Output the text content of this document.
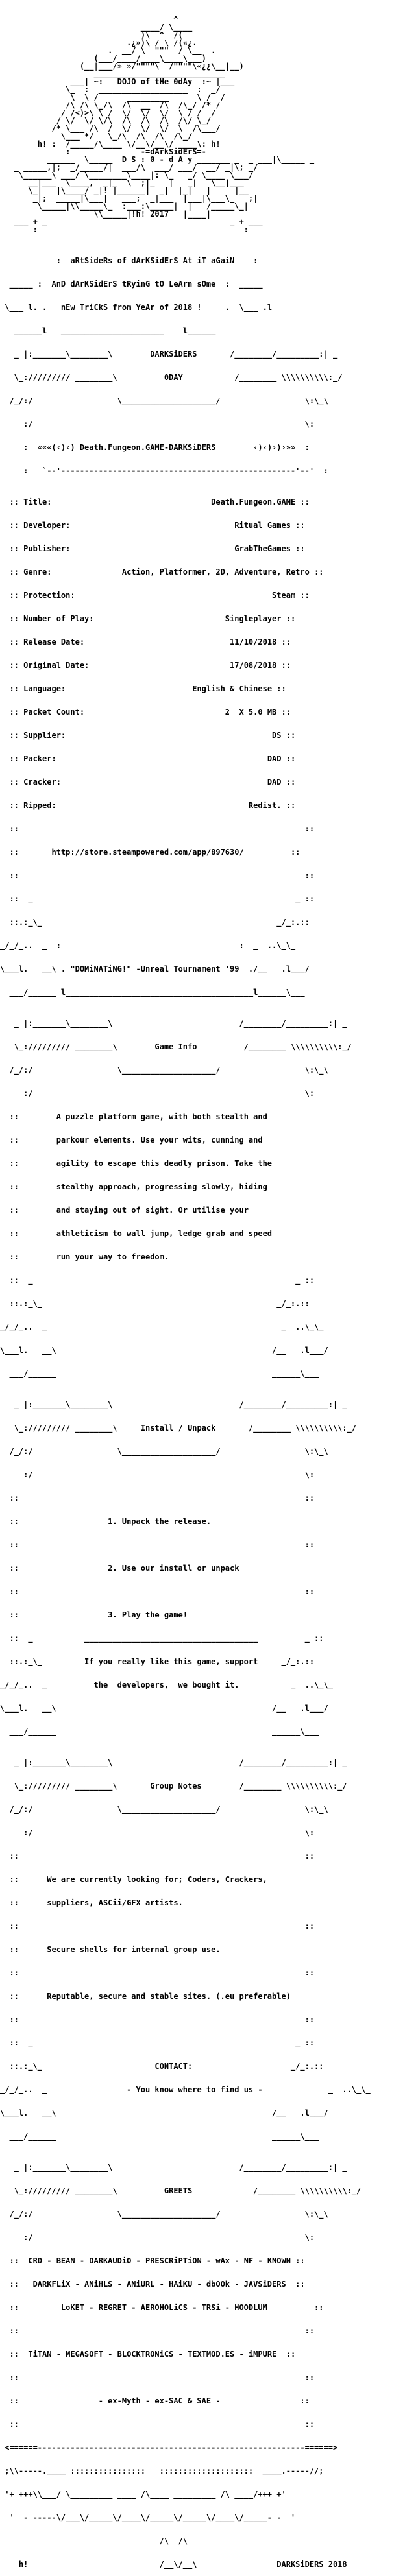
^
____/ \____
)\  ^  /(
.¿»)\ / \ /(«¿.
.  __/ \  """  / \__  .
(___/____/____\____\___)
(__|___/» »/""""\  /""""\«¿¿\__|__)
____________________________
___| ~:   DOJO of tHe 0dAy  :~ |___
\_  :  ___________________  :  _/
\  \ /      _________      \ /  /
/\ /\ \_/\  /\  __  /\  /\_/ /* /
/ /<)>\ \ /  \/  \/  \/  \ / /  /
/ \/  \/ \/\  /\  /\  /\  /\/ \_/
/* \___ /\  /  \/  \/  \/  \  /\___/
\___ */   \_/\  /\  /\  /\_/
h! :  /_____/\____ \/__\/__\/ ____\: h!
:               -=dArkSidErS=-
______  \_____  D S : 0 - d A y _______ _  _ ___|\_____ _
_ _____,|;  _/_____/|  ___/\  ___/ ___/  __/ _|\; _/
\______\ ___/ \________\____|: \_   _/ \____ \___/
__|___  \____,  _|_  \  ;|_   |   _|   \__|___
\_|   |\____/ _|! |______|  _|  |_|   |     |__
_|;  _____|\___|   ___;  _|___  |___|\___\_   ;|
\_____|\\_____\_  :___:\_____|  |   /_____\_|
\\_____|!h! 2017   |____|
___ + _                                       _ + ___
:                                            :

:  aRtSideRs of dArKSidErS At iT aGaiN    :

_____ :  AnD dArKSidErS tRyinG tO LeArn sOme  :  _____

\___ l. .   nEw TriCkS from YeAr of 2018 !     .  \___ .l

______l   ______________________    l______

_ |:_______\________\        DARKSiDERS       /________/_________:| _

\_:///////// ________\          0DAY           /________ \\\\\\\\\\:_/

/_/:/                  \____________________/                  \:\_\

:/                                                          \:

:  «««(‹)‹) Death.Fungeon.GAME-DARKSiDERS        ‹)‹)›)›»»  :

:   `--'--------------------------------------------------'--'  :

:: Title:	Death.Fungeon.GAME ::

:: Developer:	Ritual Games ::

:: Publisher:	GrabTheGames ::

:: Genre:	Action, Platformer, 2D, Adventure, Retro ::

:: Protection:	Steam ::

:: Number of Play:	Singleplayer ::

:: Release Date:	11/10/2018 ::

:: Original Date:	17/08/2018 ::

:: Language:	English & Chinese ::

:: Packet Count:	2  X 5.0 MB ::

:: Supplier:	DS ::

:: Packer:	DAD ::

:: Cracker:	DAD ::

:: Ripped:	Redist. ::

::                                                             ::

::       http://store.steampowered.com/app/897630/          ::

::                                                             ::

::  _                                                        _ ::

::.:_\_                                                  _/_:.::

_/_/_..  _  :                                      :  _  ..\_\_

\___l.   __\ . "DOMiNATiNG!" -Unreal Tournament '99  ./__   .l___/

___/______ l________________________________________l______\___

_ |:_______\________\                           /________/_________:| _

\_:///////// ________\        Game Info          /________ \\\\\\\\\\:_/

/_/:/                  \____________________/                  \:\_\

:/                                                          \:

::        A puzzle platform game, with both stealth and

::        parkour elements. Use your wits, cunning and

::        agility to escape this deadly prison. Take the

::        stealthy approach, progressing slowly, hiding

::        and staying out of sight. Or utilise your

::        athleticism to wall jump, ledge grab and speed

::        run your way to freedom.

::  _                                                        _ ::

::.:_\_                                                  _/_:.::

_/_/_..  _                                                  _  ..\_\_

\___l.   __\                                              /__   .l___/

___/______                                              ______\___

_ |:_______\________\                           /________/_________:| _

\_:///////// ________\     Install / Unpack       /________ \\\\\\\\\\:_/

/_/:/                  \____________________/                  \:\_\

:/                                                          \:

::                                                             ::

::                   1. Unpack the release.

::                                                             ::

::                   2. Use our install or unpack

::                                                             ::

::                   3. Play the game!

::  _           _____________________________________          _ ::

::.:_\_         If you really like this game, support     _/_:.::

_/_/_..  _          the  developers,  we bought it.           _  ..\_\_

\___l.   __\                                              /__   .l___/

___/______                                              ______\___

_ |:_______\________\                           /________/_________:| _

\_:///////// ________\       Group Notes        /________ \\\\\\\\\\:_/

/_/:/                  \____________________/                  \:\_\

:/                                                          \:

::                                                             ::

::      We are currently looking for; Coders, Crackers,

::      suppliers, ASCii/GFX artists.

::                                                             ::

::      Secure shells for internal group use.

::                                                             ::

::      Reputable, secure and stable sites. (.eu preferable)

::                                                             ::

::  _                                                        _ ::

::.:_\_                        CONTACT:                     _/_:.::

_/_/_..  _                 - You know where to find us -              _  ..\_\_

\___l.   __\                                              /__   .l___/

___/______                                              ______\___

_ |:_______\________\                           /________/_________:| _

\_:///////// ________\          GREETS             /________ \\\\\\\\\\:_/

/_/:/                  \____________________/                  \:\_\

:/                                                          \:

::  CRD - BEAN - DARKAUDiO - PRESCRiPTiON - wAx - NF - KNOWN ::

::   DARKFLiX - ANiHLS - ANiURL - HAiKU - dbOOk - JAVSiDERS  ::

::         LoKET - REGRET - AEROHOLiCS - TRSi - HOODLUM          ::

::                                                             ::

::  TiTAN - MEGASOFT - BLOCKTRONiCS - TEXTMOD.ES - iMPURE  ::

::                                                             ::

::                 - ex-Myth - ex-SAC & SAE -                 ::

::                                                             ::

<======---------------------------------------------------------======>

;\\-----.____ ::::::::::::::::   ::::::::::::::::::::  ____.-----//;

'+ +++\\___/ \_________ ____ /\____ _________ /\ ____/+++ +'

'  - -----\/___\/_____\/____\/_____\/_____\/____\/_____- -  '

/\  /\

h!                            /__\/__\                 DARKSiDERS 2018
